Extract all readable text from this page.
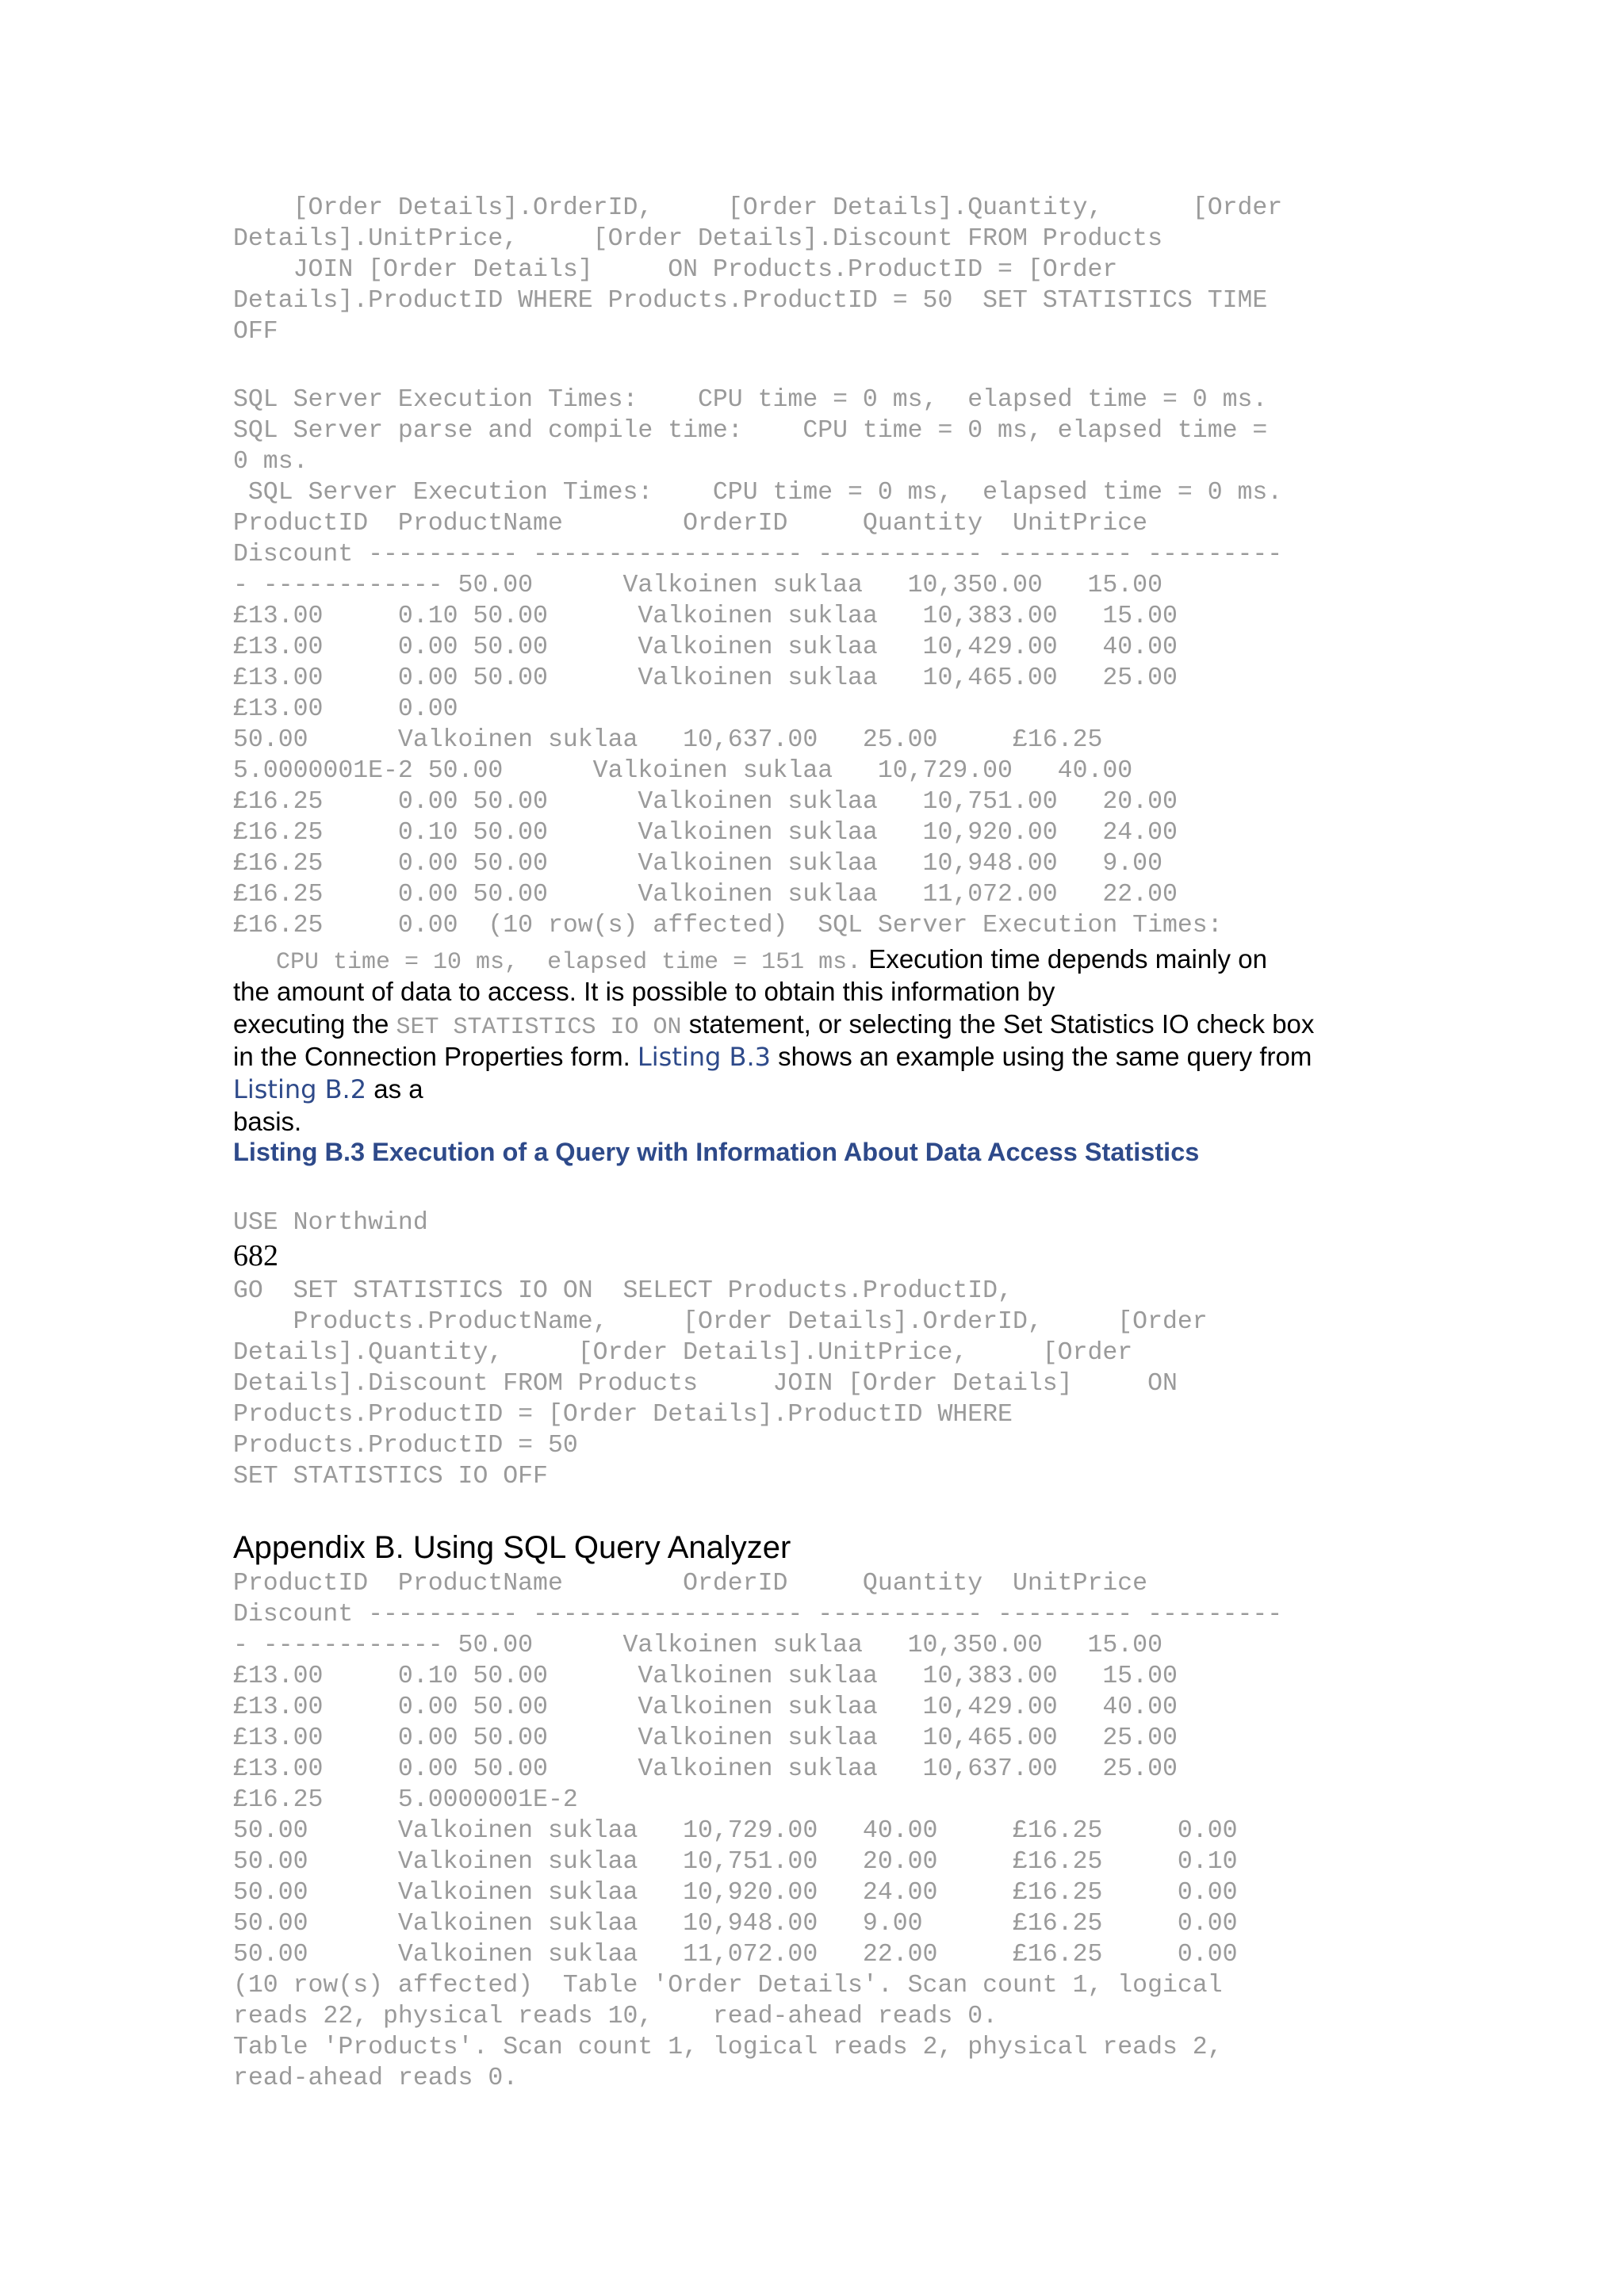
[Order Details].OrderID,     [Order Details].Quantity,      [Order
Details].UnitPrice,     [Order Details].Discount FROM Products
JOIN [Order Details]     ON Products.ProductID = [Order
Details].ProductID WHERE Products.ProductID = 50  SET STATISTICS TIME
OFF
SQL Server Execution Times:    CPU time = 0 ms,  elapsed time = 0 ms.
SQL Server parse and compile time:    CPU time = 0 ms, elapsed time =
0 ms.
SQL Server Execution Times:    CPU time = 0 ms,  elapsed time = 0 ms.
ProductID  ProductName        OrderID     Quantity  UnitPrice
Discount ---------- ------------------ ----------- --------- ---------
- ------------ 50.00      Valkoinen suklaa   10,350.00   15.00
£13.00     0.10 50.00      Valkoinen suklaa   10,383.00   15.00
£13.00     0.00 50.00      Valkoinen suklaa   10,429.00   40.00
£13.00     0.00 50.00      Valkoinen suklaa   10,465.00   25.00
£13.00     0.00
50.00      Valkoinen suklaa   10,637.00   25.00     £16.25
5.0000001E-2 50.00      Valkoinen suklaa   10,729.00   40.00
£16.25     0.00 50.00      Valkoinen suklaa   10,751.00   20.00
£16.25     0.10 50.00      Valkoinen suklaa   10,920.00   24.00
£16.25     0.00 50.00      Valkoinen suklaa   10,948.00   9.00
£16.25     0.00 50.00      Valkoinen suklaa   11,072.00   22.00
£16.25     0.00  (10 row(s) affected)  SQL Server Execution Times:
CPU time = 10 ms,  elapsed time = 151 ms. Execution time depends mainly on
the amount of data to access. It is possible to obtain this information by
executing the SET STATISTICS IO ON statement, or selecting the Set Statistics IO check box
in the Connection Properties form. Listing B.3 shows an example using the same query from
Listing B.2 as a
basis.
Listing B.3 Execution of a Query with Information About Data Access Statistics
USE Northwind
682
GO  SET STATISTICS IO ON  SELECT Products.ProductID,
Products.ProductName,     [Order Details].OrderID,     [Order
Details].Quantity,     [Order Details].UnitPrice,     [Order
Details].Discount FROM Products     JOIN [Order Details]     ON
Products.ProductID = [Order Details].ProductID WHERE
Products.ProductID = 50
SET STATISTICS IO OFF
Appendix B. Using SQL Query Analyzer
ProductID  ProductName        OrderID     Quantity  UnitPrice
Discount ---------- ------------------ ----------- --------- ---------
- ------------ 50.00      Valkoinen suklaa   10,350.00   15.00
£13.00     0.10 50.00      Valkoinen suklaa   10,383.00   15.00
£13.00     0.00 50.00      Valkoinen suklaa   10,429.00   40.00
£13.00     0.00 50.00      Valkoinen suklaa   10,465.00   25.00
£13.00     0.00 50.00      Valkoinen suklaa   10,637.00   25.00
£16.25     5.0000001E-2
50.00      Valkoinen suklaa   10,729.00   40.00     £16.25     0.00
50.00      Valkoinen suklaa   10,751.00   20.00     £16.25     0.10
50.00      Valkoinen suklaa   10,920.00   24.00     £16.25     0.00
50.00      Valkoinen suklaa   10,948.00   9.00      £16.25     0.00
50.00      Valkoinen suklaa   11,072.00   22.00     £16.25     0.00
(10 row(s) affected)  Table 'Order Details'. Scan count 1, logical
reads 22, physical reads 10,    read-ahead reads 0.
Table 'Products'. Scan count 1, logical reads 2, physical reads 2,
read-ahead reads 0.
